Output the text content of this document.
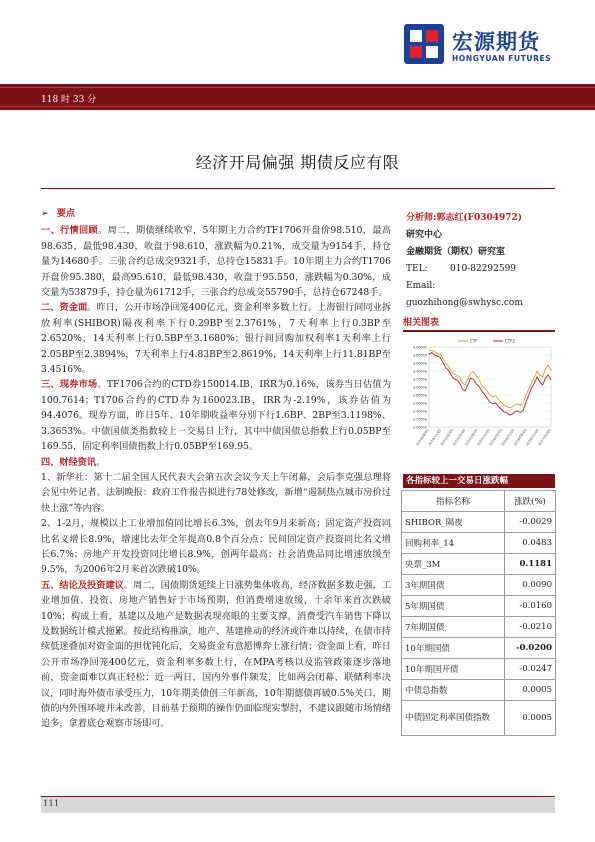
宏源期货
HONGYUAN FUTURES
118 时 33 分
经济开局偏强 期债反应有限

➢ 要点

一、行情回顾。周二，期债继续收窄，5年期主力合约TF1706开盘价98.510，最高98.635，最低98.430，收盘于98.610，涨跌幅为0.21%，成交量为9154手，持仓量为14680手。三张合约总成交9321手，总持仓15831手。10年期主力合约T1706开盘价95.380，最高95.610，最低98.430，收盘于95.550，涨跌幅为0.30%，成交量为53879手，持仓量为61712手，三张合约总成交55790手，总持仓67248手。

二、资金面。昨日，公开市场净回笼400亿元，资金利率多数上行。上海银行间同业拆放利率(SHIBOR)隔夜利率下行0.29BP至2.3761%，7天利率上行0.3BP至2.6520%，14天利率上行0.5BP至3.1680%；银行间回购加权利率1天利率上行2.05BP至2.3894%，7天利率上行4.83BP至2.8619%，14天利率上行11.81BP至3.4516%。

三、现券市场。TF1706合约的CTD券150014.IB，IRR为0.16%，该券当日估值为100.7614；T1706合约的CTD券为160023.IB，IRR为-2.19%，该券估值为94.4076。现券方面，昨日5年、10年期收益率分别下行1.6BP、2BP至3.1198%、3.3653%。中债国债类指数较上一交易日上行，其中中债国债总指数上行0.05BP至169.55，固定利率国债指数上行0.05BP至169.95。

四、财经资讯。

1、新华社：第十二届全国人民代表大会第五次会议今天上午闭幕，会后李克强总理将会见中外记者。法制晚报：政府工作报告拟进行78处修改，新增“遏制热点城市房价过快上涨”等内容。

2、1-2月，规模以上工业增加值同比增长6.3%，创去年9月来新高；固定资产投资同比名义增长8.9%，增速比去年全年提高0.8个百分点；民间固定资产投资同比名义增长6.7%；房地产开发投资同比增长8.9%，创两年最高；社会消费品同比增速放缓至9.5%，为2006年2月来首次跌破10%。

五、结论及投资建议。周二，国债期货延续上日涨势集体收高，经济数据多数走强，工业增加值、投资、房地产销售好于市场预期，但消费增速放缓，十余年来首次跌破10%；构成上看，基建以及地产是数据表现亮眼的主要支撑，消费受汽车销售下降以及数据统计模式拖累。按此结构推演，地产、基建推动的经济或许难以持续，在债市持续低迷叠加对资金面的担忧钝化后，交易资金有意愿博弈上涨行情；资金面上看，昨日公开市场净回笼400亿元，资金利率多数上行，在MPA考核以及监管政策逐步落地前，资金面难以真正轻松；近一两日，国内外事件频发，比如两会闭幕、联储利率决议，同时海外债市承受压力，10年期美债创三年新高，10年期德债再破0.5%关口，期债的内外围环境并未改善，目前基于预期的操作仍面临现实掣肘，不建议跟随市场情绪追多，拿着底仓观察市场即可。

分析师:郭志红(F0304972)
研究中心
金融期货（期权）研究室
TEL: 010-82292599
Email:guozhihong@swhysc.com
相关图表
4.00000
3.80000
3.60000
3.40000
3.20000
3.00000
2.80000
2.60000
2.40000
2.20000
2.00000
2014/08/05
2014/11/05
2015/02/05
2015/05/05
2015/08/05
2015/11/05
2016/02/05
2016/05/05
2016/08/05
2016/11/05
2017/02/05
CTF	CTF2
各指标较上一交易日涨跌幅
指标名称	涨跌(%)
SHIBOR_隔夜	-0.0029
回购利率_14	0.0483
央票_3M	0.1181
3年期国债	0.0090
5年期国债	-0.0160
7年期国债	-0.0210
10年期国债	-0.0200
10年期国开债	-0.0247
中债总指数	0.0005
中债固定利率国债指数	0.0005
111
